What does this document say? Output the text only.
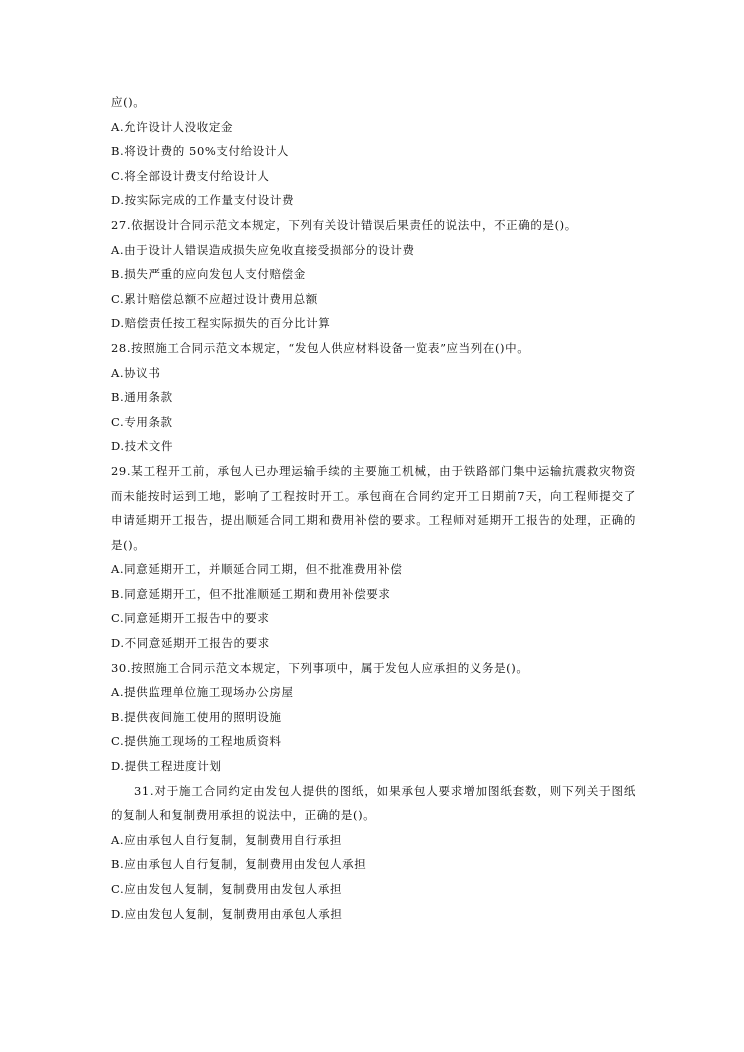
应()。
A.允许设计人没收定金
B.将设计费的 50%支付给设计人
C.将全部设计费支付给设计人
D.按实际完成的工作量支付设计费
27.依据设计合同示范文本规定，下列有关设计错误后果责任的说法中，不正确的是()。
A.由于设计人错误造成损失应免收直接受损部分的设计费
B.损失严重的应向发包人支付赔偿金
C.累计赔偿总额不应超过设计费用总额
D.赔偿责任按工程实际损失的百分比计算
28.按照施工合同示范文本规定，“发包人供应材料设备一览表”应当列在()中。
A.协议书
B.通用条款
C.专用条款
D.技术文件
29.某工程开工前，承包人已办理运输手续的主要施工机械，由于铁路部门集中运输抗震救灾物资而未能按时运到工地，影响了工程按时开工。承包商在合同约定开工日期前7天，向工程师提交了申请延期开工报告，提出顺延合同工期和费用补偿的要求。工程师对延期开工报告的处理，正确的是()。
A.同意延期开工，并顺延合同工期，但不批准费用补偿
B.同意延期开工，但不批准顺延工期和费用补偿要求
C.同意延期开工报告中的要求
D.不同意延期开工报告的要求
30.按照施工合同示范文本规定，下列事项中，属于发包人应承担的义务是()。
A.提供监理单位施工现场办公房屋
B.提供夜间施工使用的照明设施
C.提供施工现场的工程地质资料
D.提供工程进度计划
31.对于施工合同约定由发包人提供的图纸，如果承包人要求增加图纸套数，则下列关于图纸的复制人和复制费用承担的说法中，正确的是()。
A.应由承包人自行复制，复制费用自行承担
B.应由承包人自行复制，复制费用由发包人承担
C.应由发包人复制，复制费用由发包人承担
D.应由发包人复制，复制费用由承包人承担
